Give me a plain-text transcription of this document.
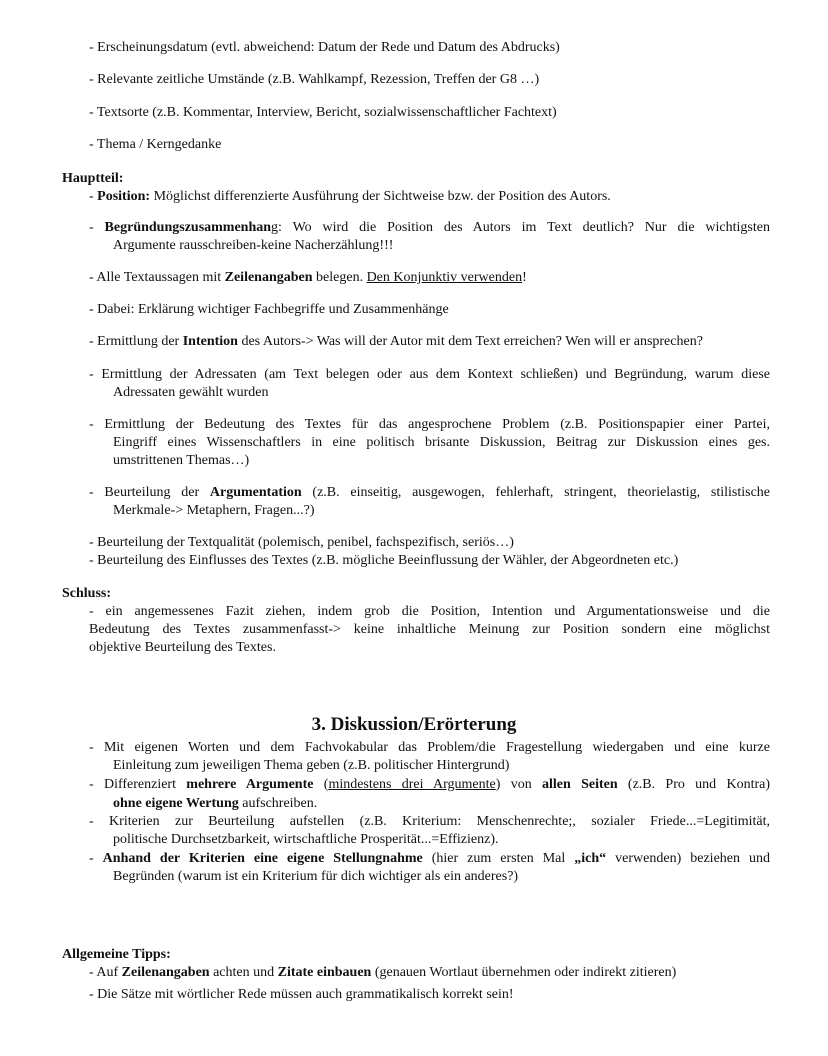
- Erscheinungsdatum (evtl. abweichend: Datum der Rede und Datum des Abdrucks)
- Relevante zeitliche Umstände (z.B. Wahlkampf, Rezession, Treffen der G8 …)
- Textsorte (z.B. Kommentar, Interview, Bericht, sozialwissenschaftlicher Fachtext)
- Thema / Kerngedanke
Hauptteil:
- Position: Möglichst differenzierte Ausführung der Sichtweise bzw. der Position des Autors.
- Begründungszusammenhang: Wo wird die Position des Autors im Text deutlich? Nur die wichtigsten
Argumente rausschreiben-keine Nacherzählung!!!
- Alle Textaussagen mit Zeilenangaben belegen. Den Konjunktiv verwenden!
- Dabei: Erklärung wichtiger Fachbegriffe und Zusammenhänge
- Ermittlung der Intention des Autors-> Was will der Autor mit dem Text erreichen? Wen will er ansprechen?
- Ermittlung der Adressaten (am Text belegen oder aus dem Kontext schließen) und Begründung, warum diese
Adressaten gewählt wurden
- Ermittlung der Bedeutung des Textes für das angesprochene Problem (z.B. Positionspapier einer Partei,
Eingriff eines Wissenschaftlers in eine politisch brisante Diskussion, Beitrag zur Diskussion eines ges.
umstrittenen Themas…)
- Beurteilung der Argumentation (z.B. einseitig, ausgewogen, fehlerhaft, stringent, theorielastig, stilistische
Merkmale-> Metaphern, Fragen...?)
- Beurteilung der Textqualität (polemisch, penibel, fachspezifisch, seriös…)
- Beurteilung des Einflusses des Textes (z.B. mögliche Beeinflussung der Wähler, der Abgeordneten etc.)
Schluss:
- ein angemessenes Fazit ziehen, indem grob die Position, Intention und Argumentationsweise und die
Bedeutung des Textes zusammenfasst-> keine inhaltliche Meinung zur Position sondern eine möglichst
objektive Beurteilung des Textes.
3. Diskussion/Erörterung
- Mit eigenen Worten und dem Fachvokabular das Problem/die Fragestellung wiedergaben und eine kurze
Einleitung zum jeweiligen Thema geben (z.B. politischer Hintergrund)
- Differenziert mehrere Argumente (mindestens drei Argumente) von allen Seiten (z.B. Pro und Kontra)
ohne eigene Wertung aufschreiben.
- Kriterien zur Beurteilung aufstellen (z.B. Kriterium: Menschenrechte;, sozialer Friede...=Legitimität,
politische Durchsetzbarkeit, wirtschaftliche Prosperität...=Effizienz).
- Anhand der Kriterien eine eigene Stellungnahme (hier zum ersten Mal „ich“ verwenden) beziehen und
Begründen (warum ist ein Kriterium für dich wichtiger als ein anderes?)
Allgemeine Tipps:
- Auf Zeilenangaben achten und Zitate einbauen (genauen Wortlaut übernehmen oder indirekt zitieren)
- Die Sätze mit wörtlicher Rede müssen auch grammatikalisch korrekt sein!
